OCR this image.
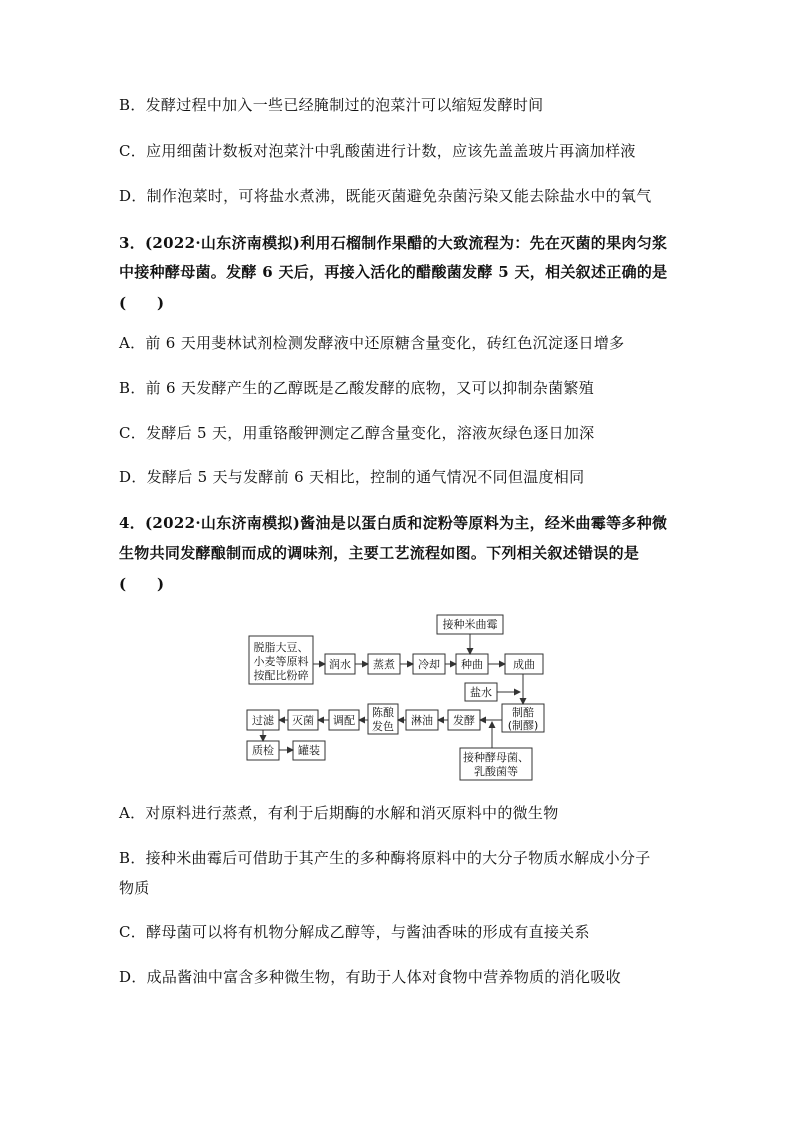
B．发酵过程中加入一些已经腌制过的泡菜汁可以缩短发酵时间
C．应用细菌计数板对泡菜汁中乳酸菌进行计数，应该先盖盖玻片再滴加样液
D．制作泡菜时，可将盐水煮沸，既能灭菌避免杂菌污染又能去除盐水中的氧气
3．(2022·山东济南模拟)利用石榴制作果醋的大致流程为：先在灭菌的果肉匀浆
中接种酵母菌。发酵 6 天后，再接入活化的醋酸菌发酵 5 天，相关叙述正确的是
(　　)
A．前 6 天用斐林试剂检测发酵液中还原糖含量变化，砖红色沉淀逐日增多
B．前 6 天发酵产生的乙醇既是乙酸发酵的底物，又可以抑制杂菌繁殖
C．发酵后 5 天，用重铬酸钾测定乙醇含量变化，溶液灰绿色逐日加深
D．发酵后 5 天与发酵前 6 天相比，控制的通气情况不同但温度相同
4．(2022·山东济南模拟)酱油是以蛋白质和淀粉等原料为主，经米曲霉等多种微
生物共同发酵酿制而成的调味剂，主要工艺流程如图。下列相关叙述错误的是
(　　)
脱脂大豆、
小麦等原料
按配比粉碎
润水 蒸煮 冷却 种曲	成曲
接种米曲霉
盐水
制醅
(制醪)
接种酵母菌、
乳酸菌等
发酵
淋油
陈酿
发色
调配
灭菌
过滤
质检 罐装
A．对原料进行蒸煮，有利于后期酶的水解和消灭原料中的微生物
B．接种米曲霉后可借助于其产生的多种酶将原料中的大分子物质水解成小分子
物质
C．酵母菌可以将有机物分解成乙醇等，与酱油香味的形成有直接关系
D．成品酱油中富含多种微生物，有助于人体对食物中营养物质的消化吸收
